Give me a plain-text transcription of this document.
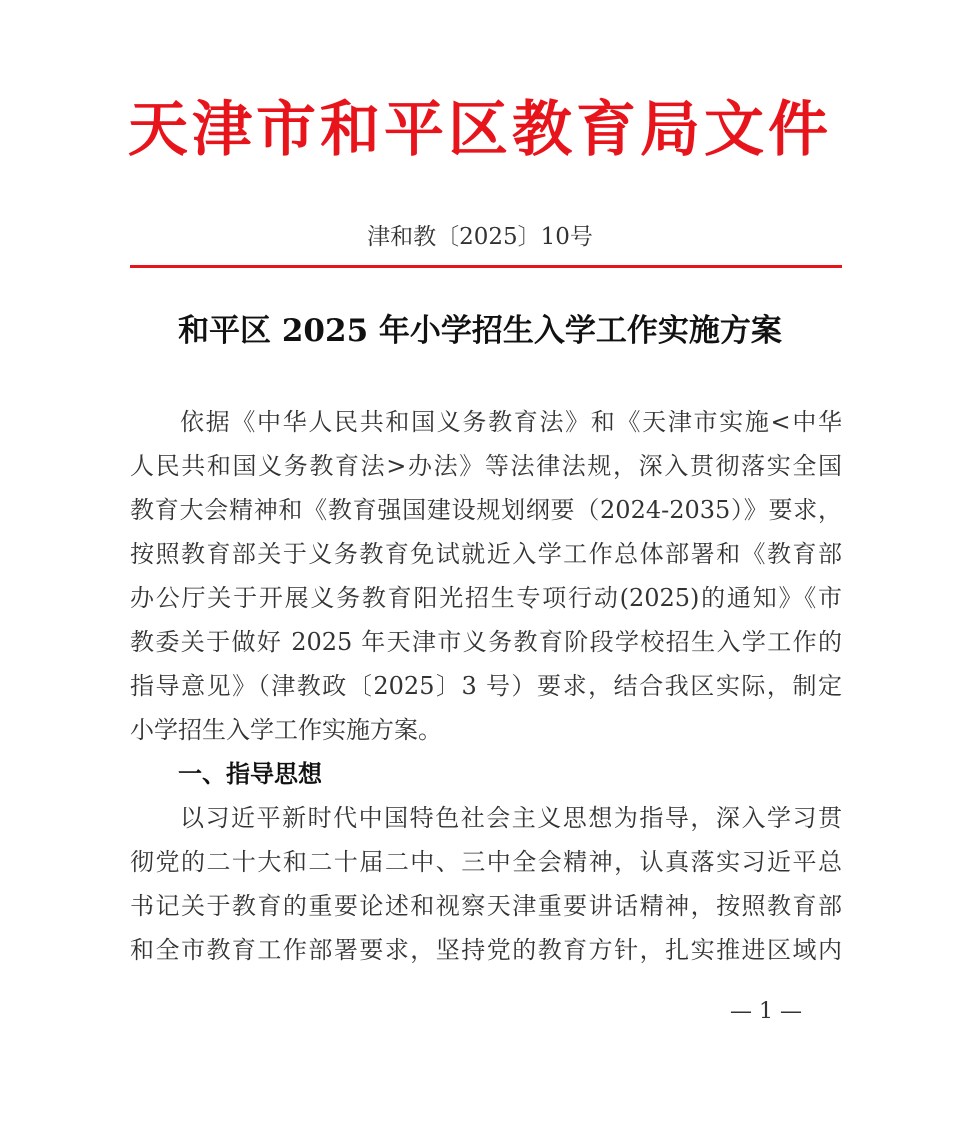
天津市和平区教育局文件
津和教〔2025〕10号
和平区 2025 年小学招生入学工作实施方案
依据《中华人民共和国义务教育法》和《天津市实施<中华
人民共和国义务教育法>办法》等法律法规，深入贯彻落实全国
教育大会精神和《教育强国建设规划纲要（2024-2035）》要求，
按照教育部关于义务教育免试就近入学工作总体部署和《教育部
办公厅关于开展义务教育阳光招生专项行动(2025)的通知》《市
教委关于做好 2025 年天津市义务教育阶段学校招生入学工作的
指导意见》（津教政〔2025〕3 号）要求，结合我区实际，制定
小学招生入学工作实施方案。
一、指导思想
以习近平新时代中国特色社会主义思想为指导，深入学习贯
彻党的二十大和二十届二中、三中全会精神，认真落实习近平总
书记关于教育的重要论述和视察天津重要讲话精神，按照教育部
和全市教育工作部署要求，坚持党的教育方针，扎实推进区域内
— 1 —
